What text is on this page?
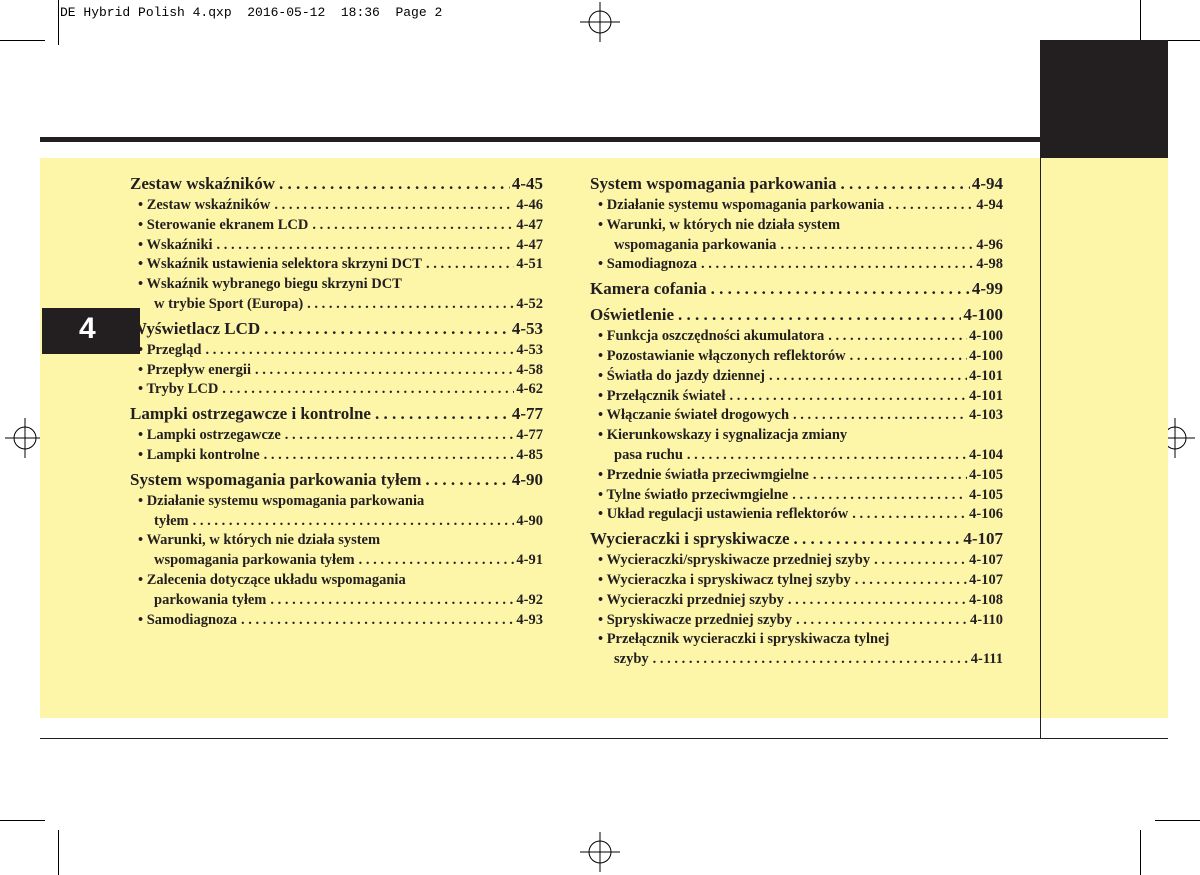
DE Hybrid Polish 4.qxp  2016-05-12  18:36  Page 2
4
Zestaw wskaźników . . .	4-45
• Zestaw wskaźników . . .	4-46
• Sterowanie ekranem LCD . . .	4-47
• Wskaźniki . . .	4-47
• Wskaźnik ustawienia selektora skrzyni DCT . . .	4-51
• Wskaźnik wybranego biegu skrzyni DCT
w trybie Sport (Europa) . . .	4-52
Wyświetlacz LCD . . .	4-53
• Przegląd . . .	4-53
• Przepływ energii . . .	4-58
• Tryby LCD . . .	4-62
Lampki ostrzegawcze i kontrolne . . .	4-77
• Lampki ostrzegawcze . . .	4-77
• Lampki kontrolne . . .	4-85
System wspomagania parkowania tyłem . . .	4-90
• Działanie systemu wspomagania parkowania
tyłem . . .	4-90
• Warunki, w których nie działa system
wspomagania parkowania tyłem . . .	4-91
• Zalecenia dotyczące układu wspomagania
parkowania tyłem . . .	4-92
• Samodiagnoza . . .	4-93
System wspomagania parkowania . . .	4-94
• Działanie systemu wspomagania parkowania . . .	4-94
• Warunki, w których nie działa system
wspomagania parkowania . . .	4-96
• Samodiagnoza . . .	4-98
Kamera cofania . . .	4-99
Oświetlenie . . .	4-100
• Funkcja oszczędności akumulatora . . .	4-100
• Pozostawianie włączonych reflektorów . . .	4-100
• Światła do jazdy dziennej . . .	4-101
• Przełącznik świateł . . .	4-101
• Włączanie świateł drogowych . . .	4-103
• Kierunkowskazy i sygnalizacja zmiany
pasa ruchu . . .	4-104
• Przednie światła przeciwmgielne . . .	4-105
• Tylne światło przeciwmgielne . . .	4-105
• Układ regulacji ustawienia reflektorów . . .	4-106
Wycieraczki i spryskiwacze . . .	4-107
• Wycieraczki/spryskiwacze przedniej szyby . . .	4-107
• Wycieraczka i spryskiwacz tylnej szyby . . .	4-107
• Wycieraczki przedniej szyby . . .	4-108
• Spryskiwacze przedniej szyby . . .	4-110
• Przełącznik wycieraczki i spryskiwacza tylnej
szyby . . .	4-111
